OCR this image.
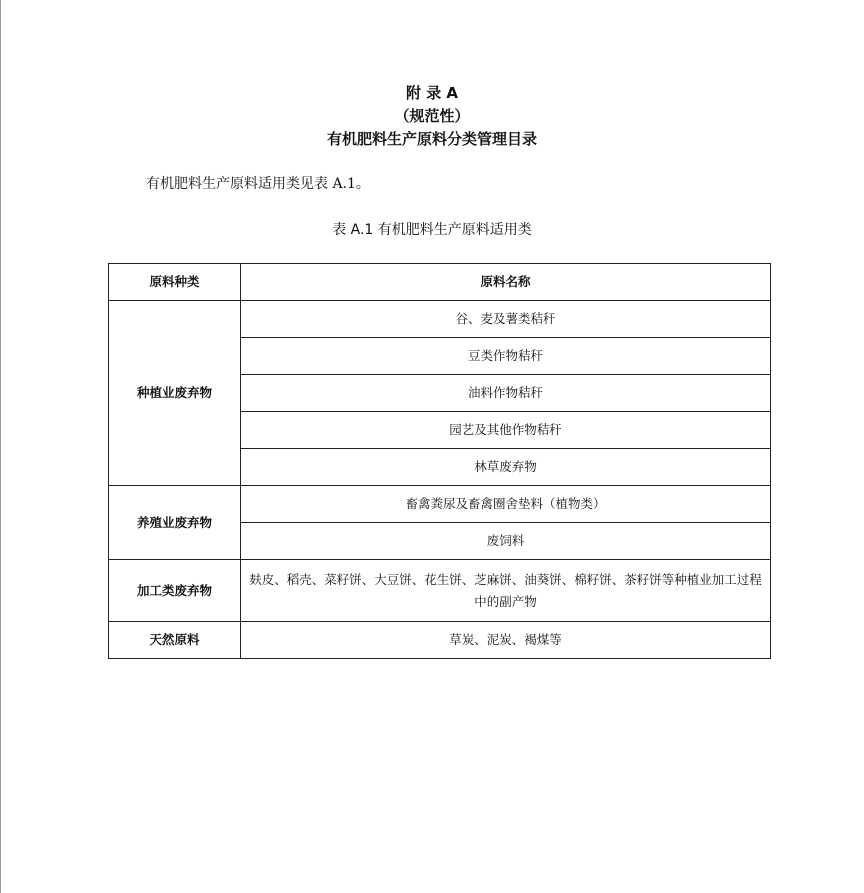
附 录 A
（规范性）
有机肥料生产原料分类管理目录
有机肥料生产原料适用类见表 A.1。
表 A.1 有机肥料生产原料适用类
原料种类	原料名称
种植业废弃物	谷、麦及薯类秸秆
	豆类作物秸秆
	油料作物秸秆
	园艺及其他作物秸秆
	林草废弃物
养殖业废弃物	畜禽粪尿及畜禽圈舍垫料（植物类）
	废饲料
加工类废弃物	麸皮、稻壳、菜籽饼、大豆饼、花生饼、芝麻饼、油葵饼、棉籽饼、茶籽饼等种植业加工过程中的副产物
天然原料	草炭、泥炭、褐煤等
